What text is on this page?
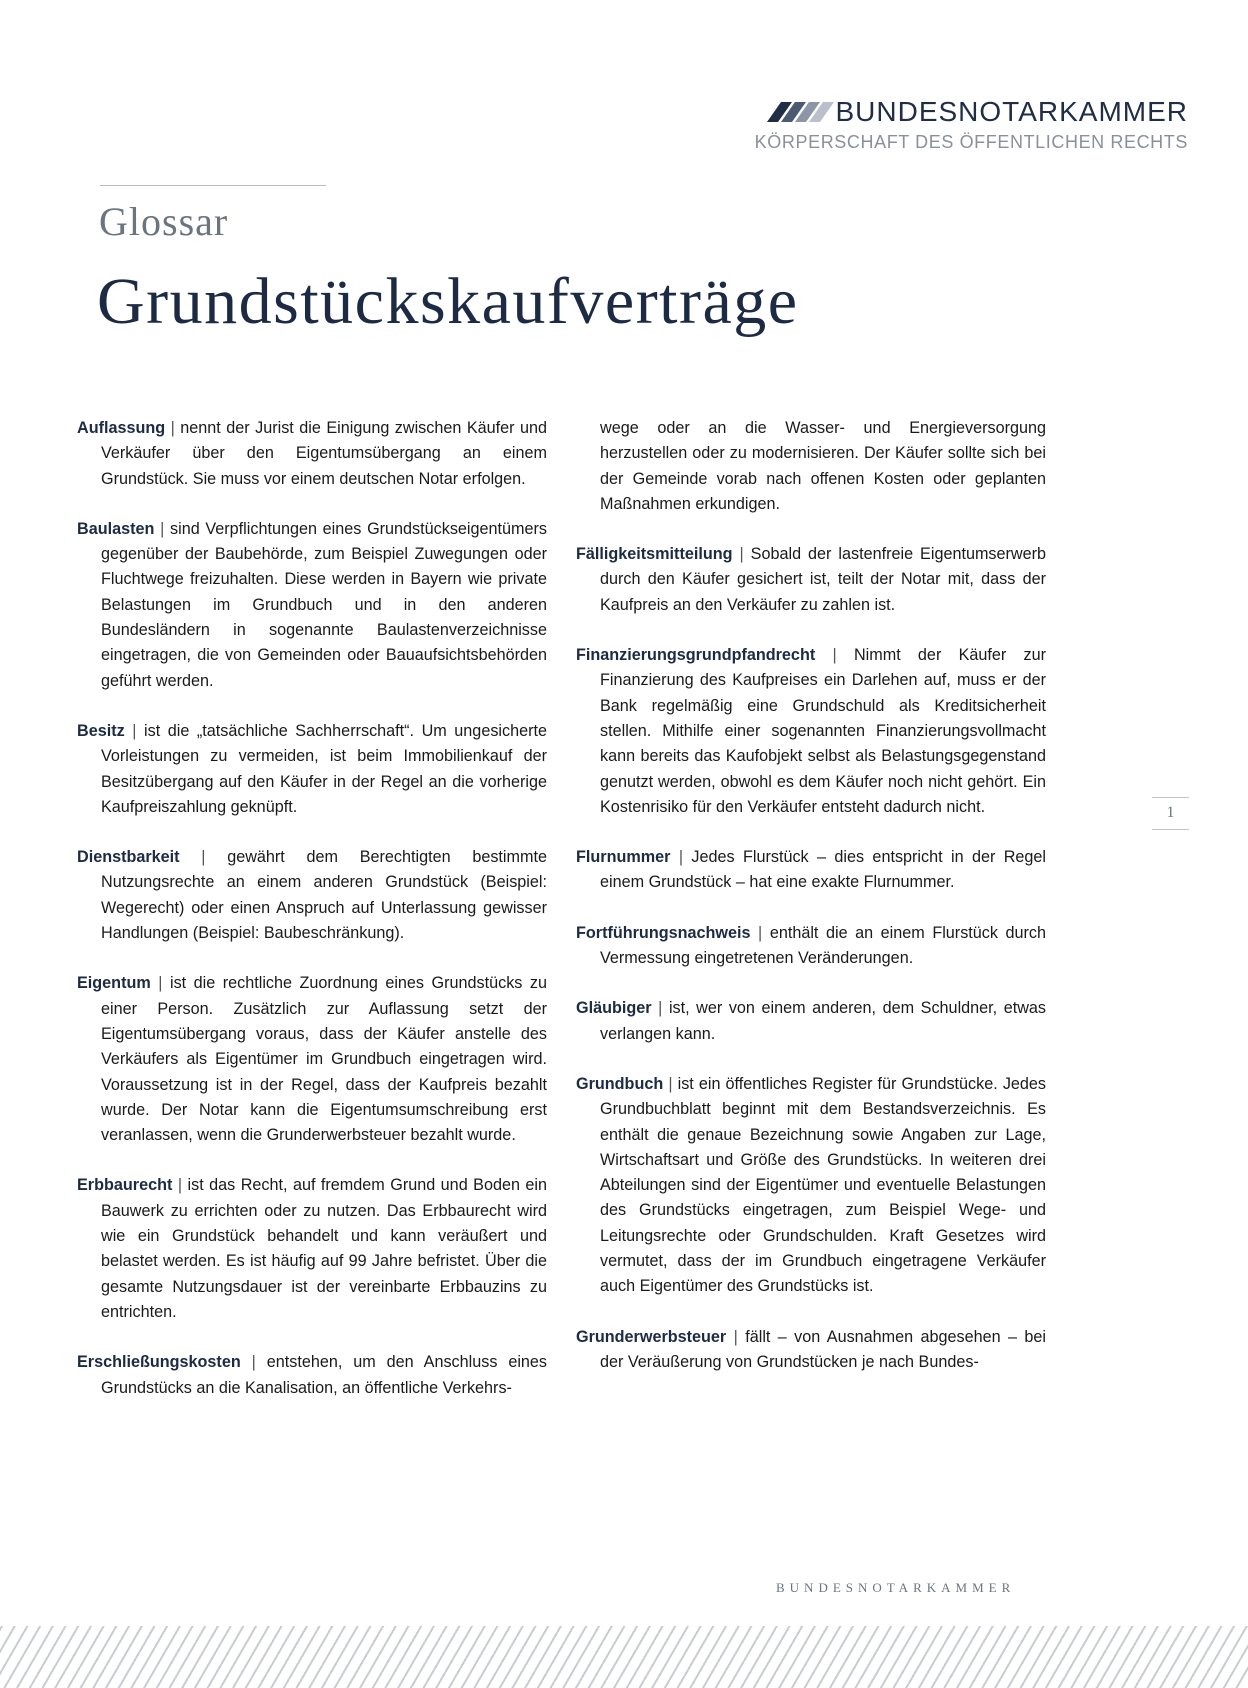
BUNDESNOTARKAMMER
KÖRPERSCHAFT DES ÖFFENTLICHEN RECHTS
Glossar
Grundstückskaufverträge

Auflassung | nennt der Jurist die Einigung zwischen Käufer und Verkäufer über den Eigentumsübergang an einem Grundstück. Sie muss vor einem deutschen Notar erfolgen.

Baulasten | sind Verpflichtungen eines Grundstückseigentümers gegenüber der Baubehörde, zum Beispiel Zuwegungen oder Fluchtwege freizuhalten. Diese werden in Bayern wie private Belastungen im Grundbuch und in den anderen Bundesländern in sogenannte Baulastenverzeichnisse eingetragen, die von Gemeinden oder Bauaufsichtsbehörden geführt werden.

Besitz | ist die „tatsächliche Sachherrschaft“. Um ungesicherte Vorleistungen zu vermeiden, ist beim Immobilienkauf der Besitzübergang auf den Käufer in der Regel an die vorherige Kaufpreiszahlung geknüpft.

Dienstbarkeit | gewährt dem Berechtigten bestimmte Nutzungsrechte an einem anderen Grundstück (Beispiel: Wegerecht) oder einen Anspruch auf Unterlassung gewisser Handlungen (Beispiel: Baubeschränkung).

Eigentum | ist die rechtliche Zuordnung eines Grundstücks zu einer Person. Zusätzlich zur Auflassung setzt der Eigentumsübergang voraus, dass der Käufer anstelle des Verkäufers als Eigentümer im Grundbuch eingetragen wird. Voraussetzung ist in der Regel, dass der Kaufpreis bezahlt wurde. Der Notar kann die Eigentumsumschreibung erst veranlassen, wenn die Grunderwerbsteuer bezahlt wurde.

Erbbaurecht | ist das Recht, auf fremdem Grund und Boden ein Bauwerk zu errichten oder zu nutzen. Das Erbbaurecht wird wie ein Grundstück behandelt und kann veräußert und belastet werden. Es ist häufig auf 99 Jahre befristet. Über die gesamte Nutzungsdauer ist der vereinbarte Erbbauzins zu entrichten.

Erschließungskosten | entstehen, um den Anschluss eines Grundstücks an die Kanalisation, an öffentliche Verkehrs-

wege oder an die Wasser- und Energieversorgung herzustellen oder zu modernisieren. Der Käufer sollte sich bei der Gemeinde vorab nach offenen Kosten oder geplanten Maßnahmen erkundigen.

Fälligkeitsmitteilung | Sobald der lastenfreie Eigentumserwerb durch den Käufer gesichert ist, teilt der Notar mit, dass der Kaufpreis an den Verkäufer zu zahlen ist.

Finanzierungsgrundpfandrecht | Nimmt der Käufer zur Finanzierung des Kaufpreises ein Darlehen auf, muss er der Bank regelmäßig eine Grundschuld als Kreditsicherheit stellen. Mithilfe einer sogenannten Finanzierungsvollmacht kann bereits das Kaufobjekt selbst als Belastungsgegenstand genutzt werden, obwohl es dem Käufer noch nicht gehört. Ein Kostenrisiko für den Verkäufer entsteht dadurch nicht.

Flurnummer | Jedes Flurstück – dies entspricht in der Regel einem Grundstück – hat eine exakte Flurnummer.

Fortführungsnachweis | enthält die an einem Flurstück durch Vermessung eingetretenen Veränderungen.

Gläubiger | ist, wer von einem anderen, dem Schuldner, etwas verlangen kann.

Grundbuch | ist ein öffentliches Register für Grundstücke. Jedes Grundbuchblatt beginnt mit dem Bestandsverzeichnis. Es enthält die genaue Bezeichnung sowie Angaben zur Lage, Wirtschaftsart und Größe des Grundstücks. In weiteren drei Abteilungen sind der Eigentümer und eventuelle Belastungen des Grundstücks eingetragen, zum Beispiel Wege- und Leitungsrechte oder Grundschulden. Kraft Gesetzes wird vermutet, dass der im Grundbuch eingetragene Verkäufer auch Eigentümer des Grundstücks ist.

Grunderwerbsteuer | fällt – von Ausnahmen abgesehen – bei der Veräußerung von Grundstücken je nach Bundes-

1
BUNDESNOTARKAMMER
